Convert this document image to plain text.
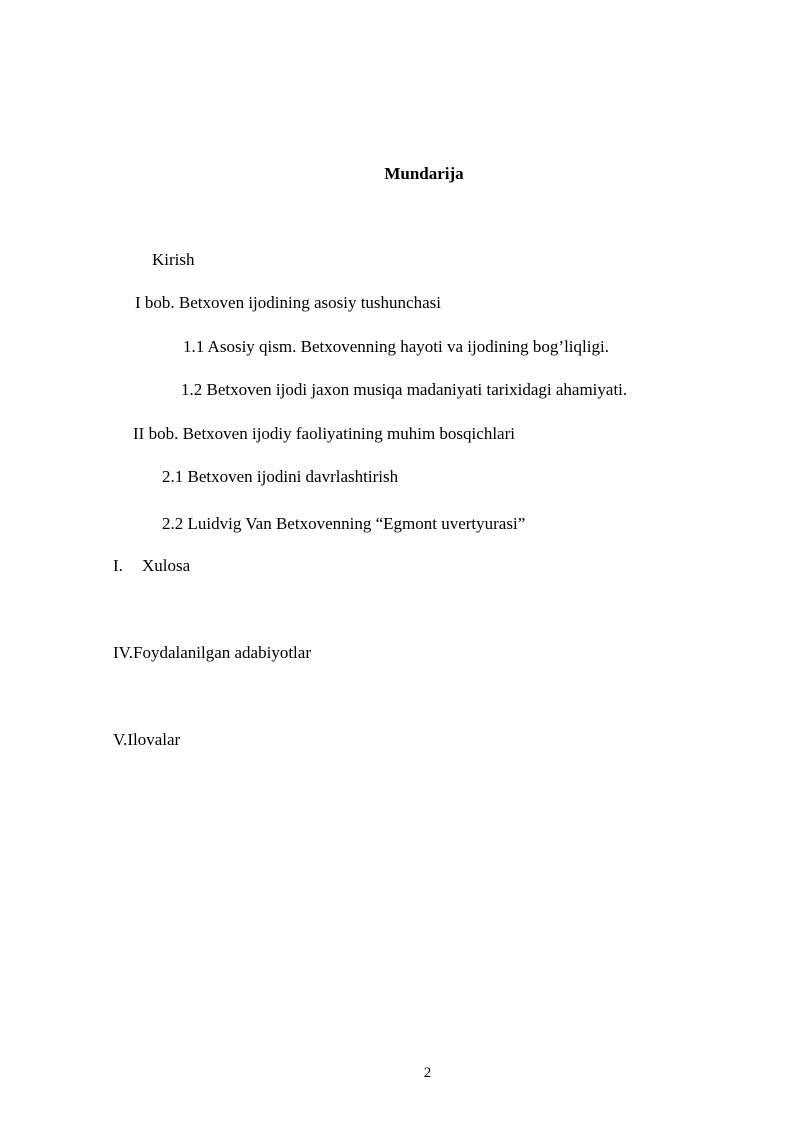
Mundarija
Kirish
I bob. Betxoven ijodining asosiy tushunchasi
1.1 Asosiy qism. Betxovenning hayoti va ijodining bog’liqligi.
1.2 Betxoven ijodi jaxon musiqa madaniyati tarixidagi ahamiyati.
II bob. Betxoven ijodiy faoliyatining muhim bosqichlari
2.1 Betxoven ijodini davrlashtirish
2.2 Luidvig Van Betxovenning “Egmont uvertyurasi”
I. Xulosa
IV.Foydalanilgan adabiyotlar
V.Ilovalar
2
